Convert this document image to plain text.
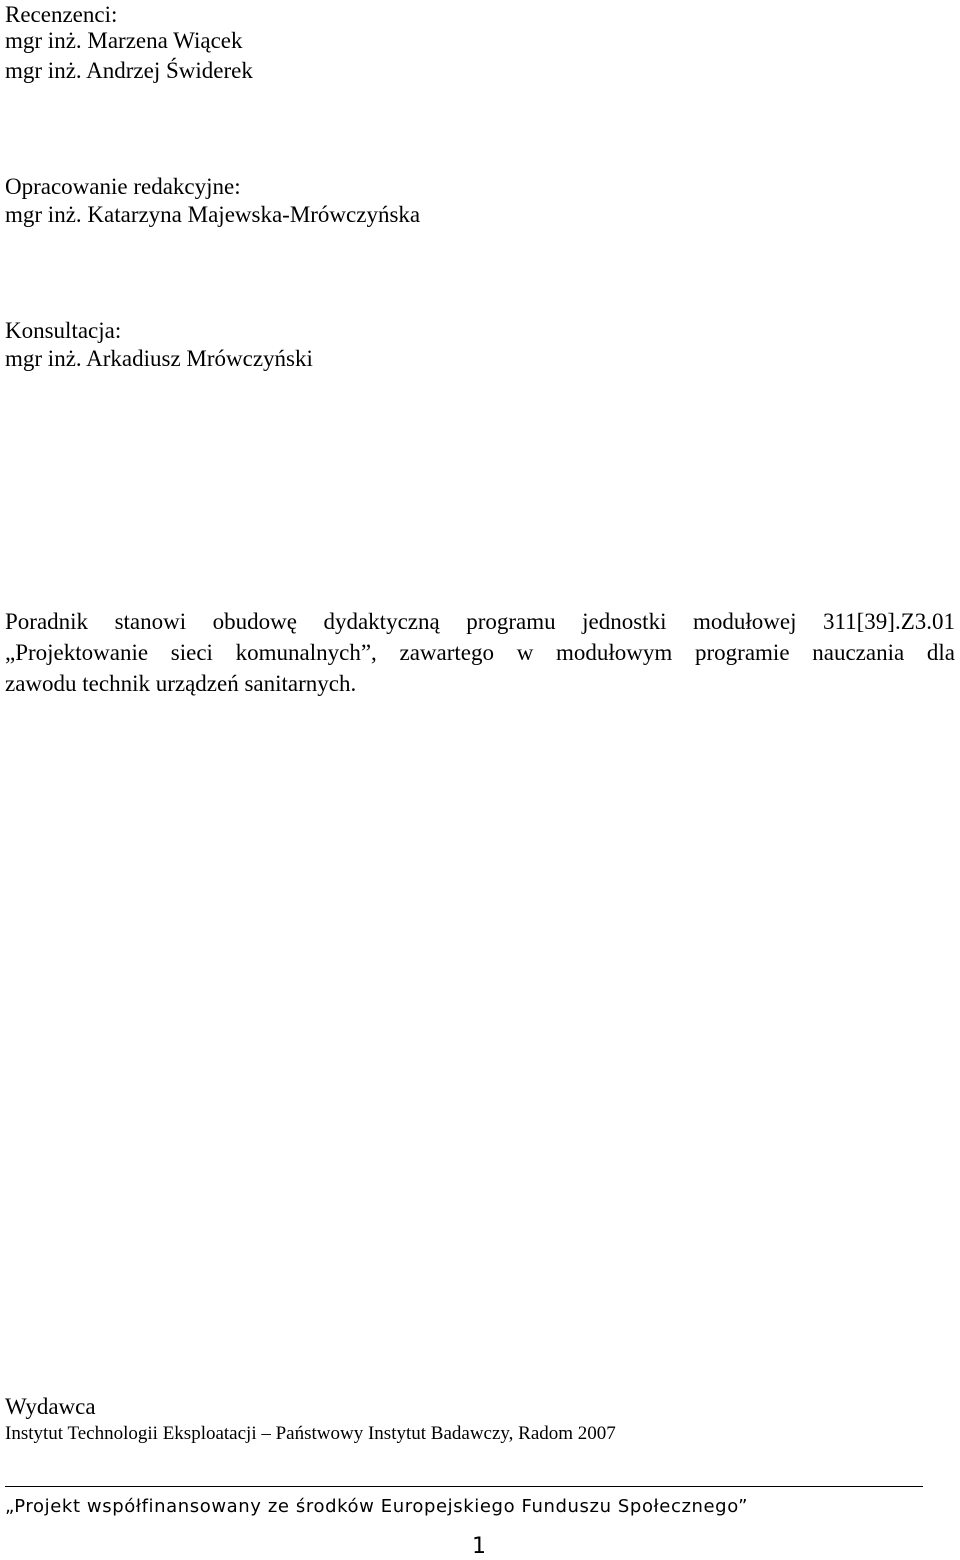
Recenzenci:
mgr inż. Marzena Wiącek
mgr inż. Andrzej Świderek
Opracowanie redakcyjne:
mgr inż. Katarzyna Majewska-Mrówczyńska
Konsultacja:
mgr inż. Arkadiusz Mrówczyński
Poradnik stanowi obudowę dydaktyczną programu jednostki modułowej 311[39].Z3.01
„Projektowanie sieci komunalnych”, zawartego w modułowym programie nauczania dla
zawodu technik urządzeń sanitarnych.
Wydawca
Instytut Technologii Eksploatacji – Państwowy Instytut Badawczy, Radom 2007
„Projekt współfinansowany ze środków Europejskiego Funduszu Społecznego”
1
